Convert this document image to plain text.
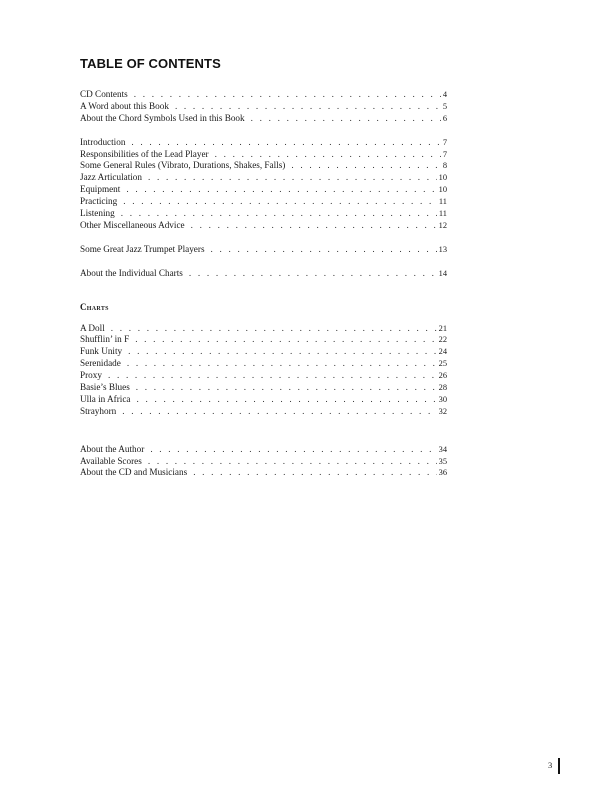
TABLE OF CONTENTS
CD Contents . . .	4
A Word about this Book . . .	5
About the Chord Symbols Used in this Book . . .	6
Introduction . . .	7
Responsibilities of the Lead Player . . .	7
Some General Rules (Vibrato, Durations, Shakes, Falls) . . .	8
Jazz Articulation . . .	10
Equipment . . .	10
Practicing . . .	11
Listening . . .	11
Other Miscellaneous Advice . . .	12
Some Great Jazz Trumpet Players . . .	13
About the Individual Charts . . .	14
Charts
A Doll . . .	21
Shufflin’ in F . . .	22
Funk Unity . . .	24
Serenidade . . .	25
Proxy . . .	26
Basie’s Blues . . .	28
Ulla in Africa . . .	30
Strayhorn . . .	32
About the Author . . .	34
Available Scores . . .	35
About the CD and Musicians . . .	36
3
